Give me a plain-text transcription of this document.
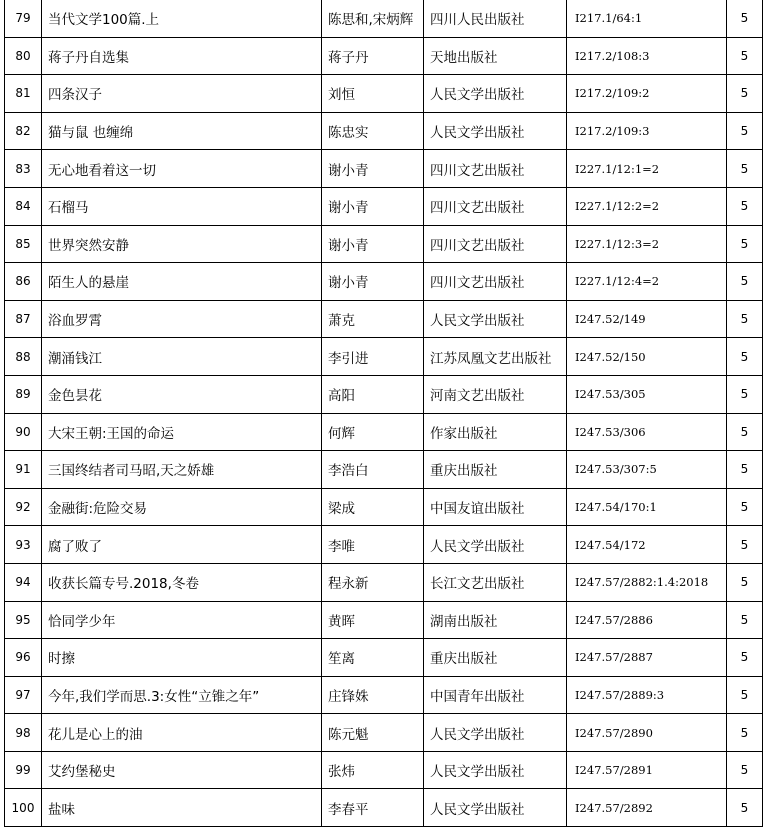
79	当代文学100篇.上	陈思和,宋炳辉	四川人民出版社	I217.1/64:1	5
80	蒋子丹自选集	蒋子丹	天地出版社	I217.2/108:3	5
81	四条汉子	刘恒	人民文学出版社	I217.2/109:2	5
82	猫与鼠 也缠绵	陈忠实	人民文学出版社	I217.2/109:3	5
83	无心地看着这一切	谢小青	四川文艺出版社	I227.1/12:1=2	5
84	石榴马	谢小青	四川文艺出版社	I227.1/12:2=2	5
85	世界突然安静	谢小青	四川文艺出版社	I227.1/12:3=2	5
86	陌生人的悬崖	谢小青	四川文艺出版社	I227.1/12:4=2	5
87	浴血罗霄	萧克	人民文学出版社	I247.52/149	5
88	潮涌钱江	李引进	江苏凤凰文艺出版社	I247.52/150	5
89	金色昙花	高阳	河南文艺出版社	I247.53/305	5
90	大宋王朝:王国的命运	何辉	作家出版社	I247.53/306	5
91	三国终结者司马昭,天之娇雄	李浩白	重庆出版社	I247.53/307:5	5
92	金融街:危险交易	梁成	中国友谊出版社	I247.54/170:1	5
93	腐了败了	李唯	人民文学出版社	I247.54/172	5
94	收获长篇专号.2018,冬卷	程永新	长江文艺出版社	I247.57/2882:1.4:2018	5
95	恰同学少年	黄晖	湖南出版社	I247.57/2886	5
96	时擦	笙离	重庆出版社	I247.57/2887	5
97	今年,我们学而思.3:女性“立锥之年”	庄锋姝	中国青年出版社	I247.57/2889:3	5
98	花儿是心上的油	陈元魁	人民文学出版社	I247.57/2890	5
99	艾约堡秘史	张炜	人民文学出版社	I247.57/2891	5
100	盐味	李春平	人民文学出版社	I247.57/2892	5
